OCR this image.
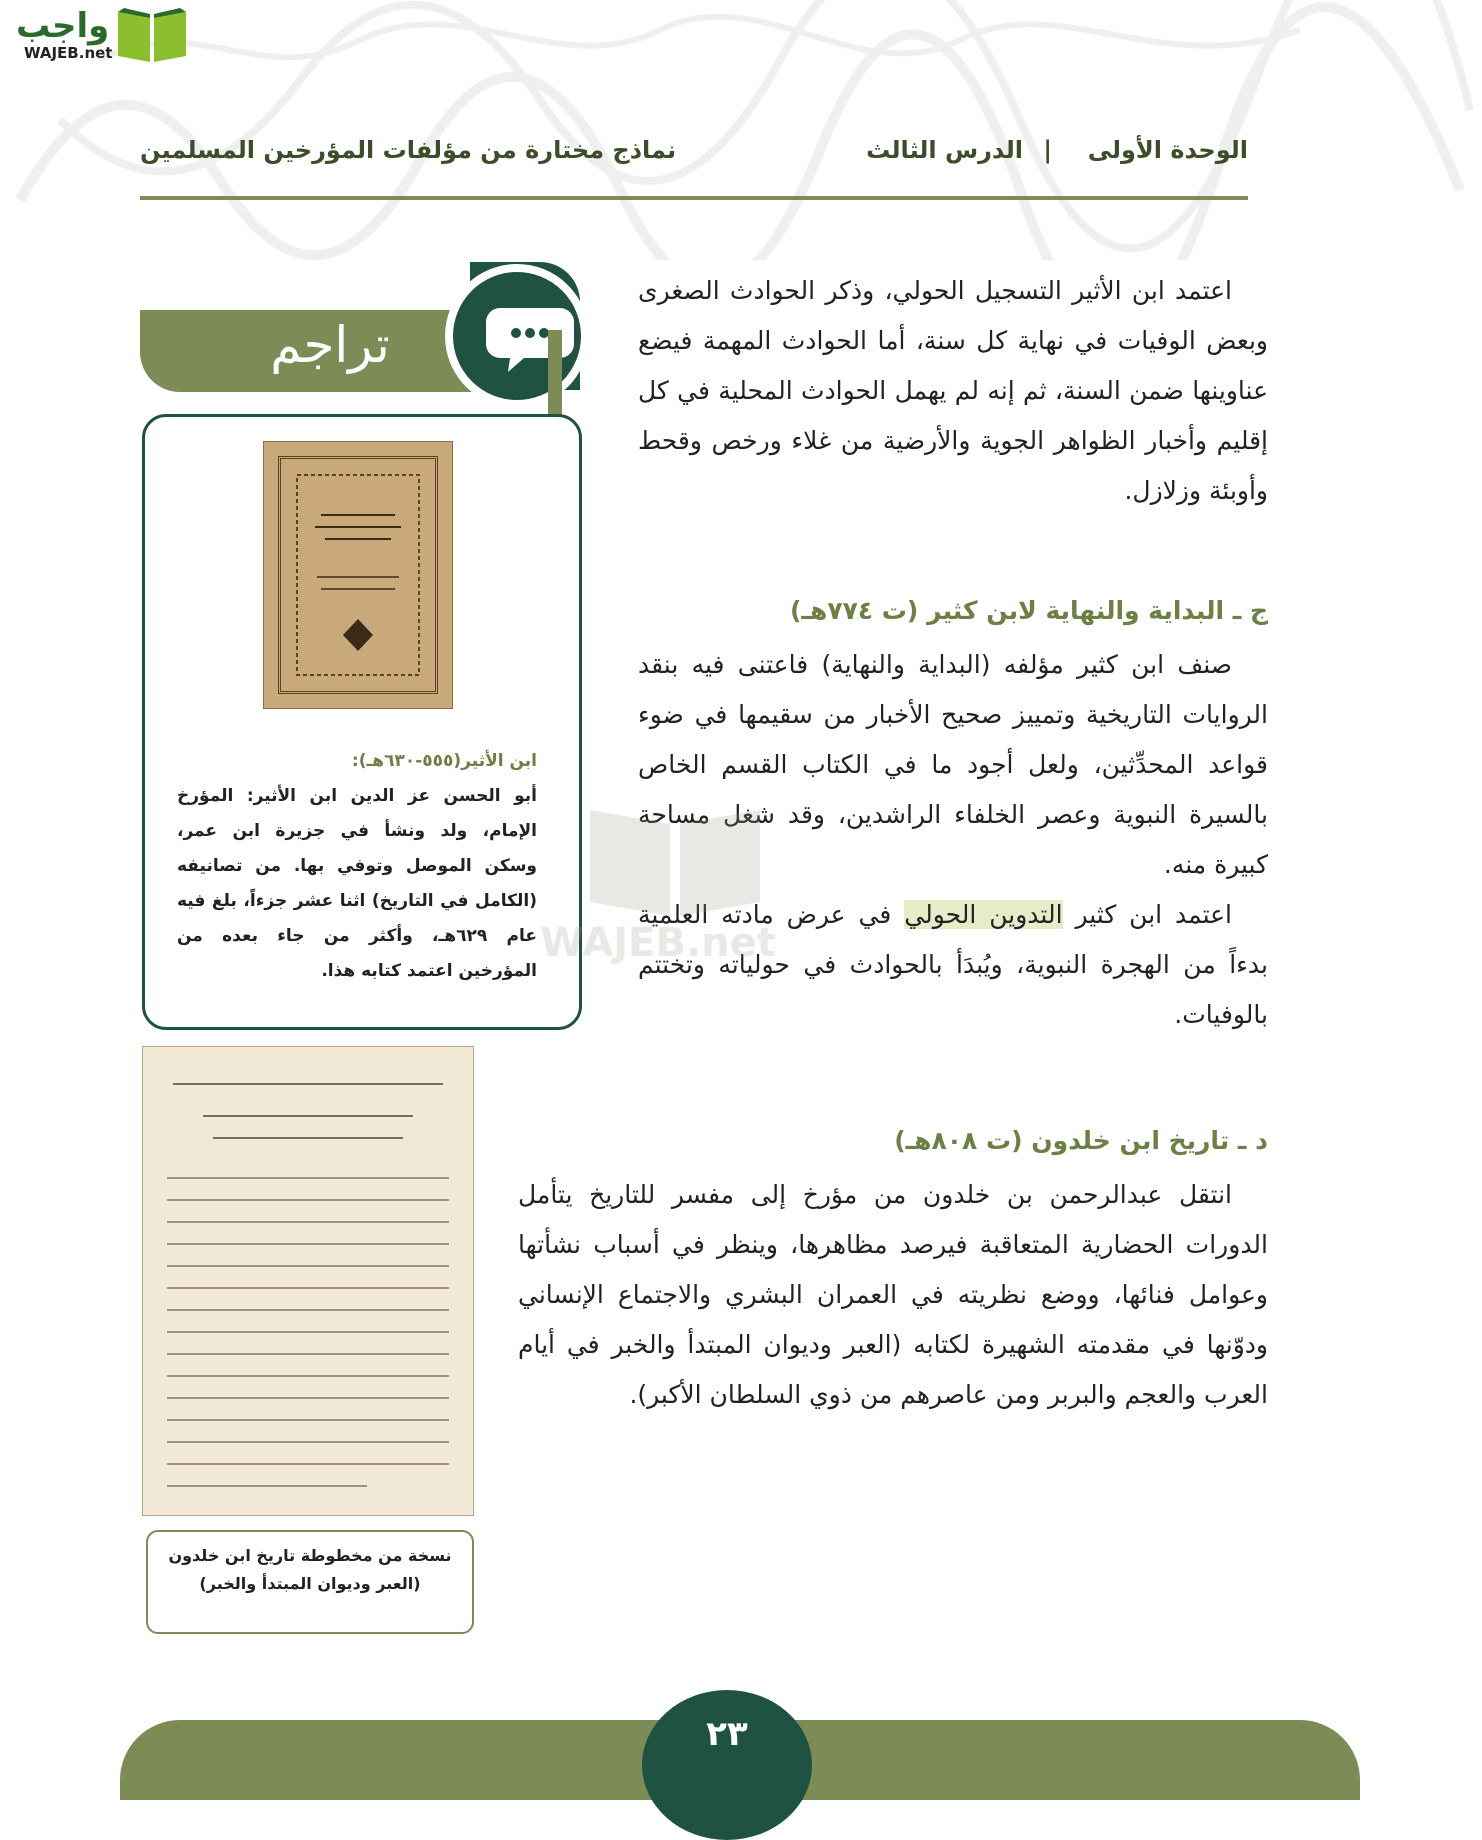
واجب
WAJEB.net
الوحدة الأولى
|
الدرس الثالث
نماذج مختارة من مؤلفات المؤرخين المسلمين

اعتمد ابن الأثير التسجيل الحولي، وذكر الحوادث الصغرى وبعض الوفيات في نهاية كل سنة، أما الحوادث المهمة فيضع عناوينها ضمن السنة، ثم إنه لم يهمل الحوادث المحلية في كل إقليم وأخبار الظواهر الجوية والأرضية من غلاء ورخص وقحط وأوبئة وزلازل.

ج ـ البداية والنهاية لابن كثير (ت ٧٧٤هـ)

صنف ابن كثير مؤلفه (البداية والنهاية) فاعتنى فيه بنقد الروايات التاريخية وتمييز صحيح الأخبار من سقيمها في ضوء قواعد المحدِّثين، ولعل أجود ما في الكتاب القسم الخاص بالسيرة النبوية وعصر الخلفاء الراشدين، وقد شغل مساحة كبيرة منه.

اعتمد ابن كثير التدوين الحولي في عرض مادته العلمية بدءاً من الهجرة النبوية، ويُبدَأ بالحوادث في حولياته وتختتم بالوفيات.

د ـ تاريخ ابن خلدون (ت ٨٠٨هـ)

انتقل عبدالرحمن بن خلدون من مؤرخ إلى مفسر للتاريخ يتأمل الدورات الحضارية المتعاقبة فيرصد مظاهرها، وينظر في أسباب نشأتها وعوامل فنائها، ووضع نظريته في العمران البشري والاجتماع الإنساني ودوّنها في مقدمته الشهيرة لكتابه (العبر وديوان المبتدأ والخبر في أيام العرب والعجم والبربر ومن عاصرهم من ذوي السلطان الأكبر).

تراجم
ابن الأثير(٥٥٥-٦٣٠هـ):
أبو الحسن عز الدين ابن الأثير: المؤرخ الإمام، ولد ونشأ في جزيرة ابن عمر، وسكن الموصل وتوفي بها. من تصانيفه (الكامل في التاريخ) اثنا عشر جزءاً، بلغ فيه عام ٦٢٩هـ، وأكثر من جاء بعده من المؤرخين اعتمد كتابه هذا.
نسخة من مخطوطة تاريخ ابن خلدون (العبر وديوان المبتدأ والخبر)
WAJEB.net
٢٣
